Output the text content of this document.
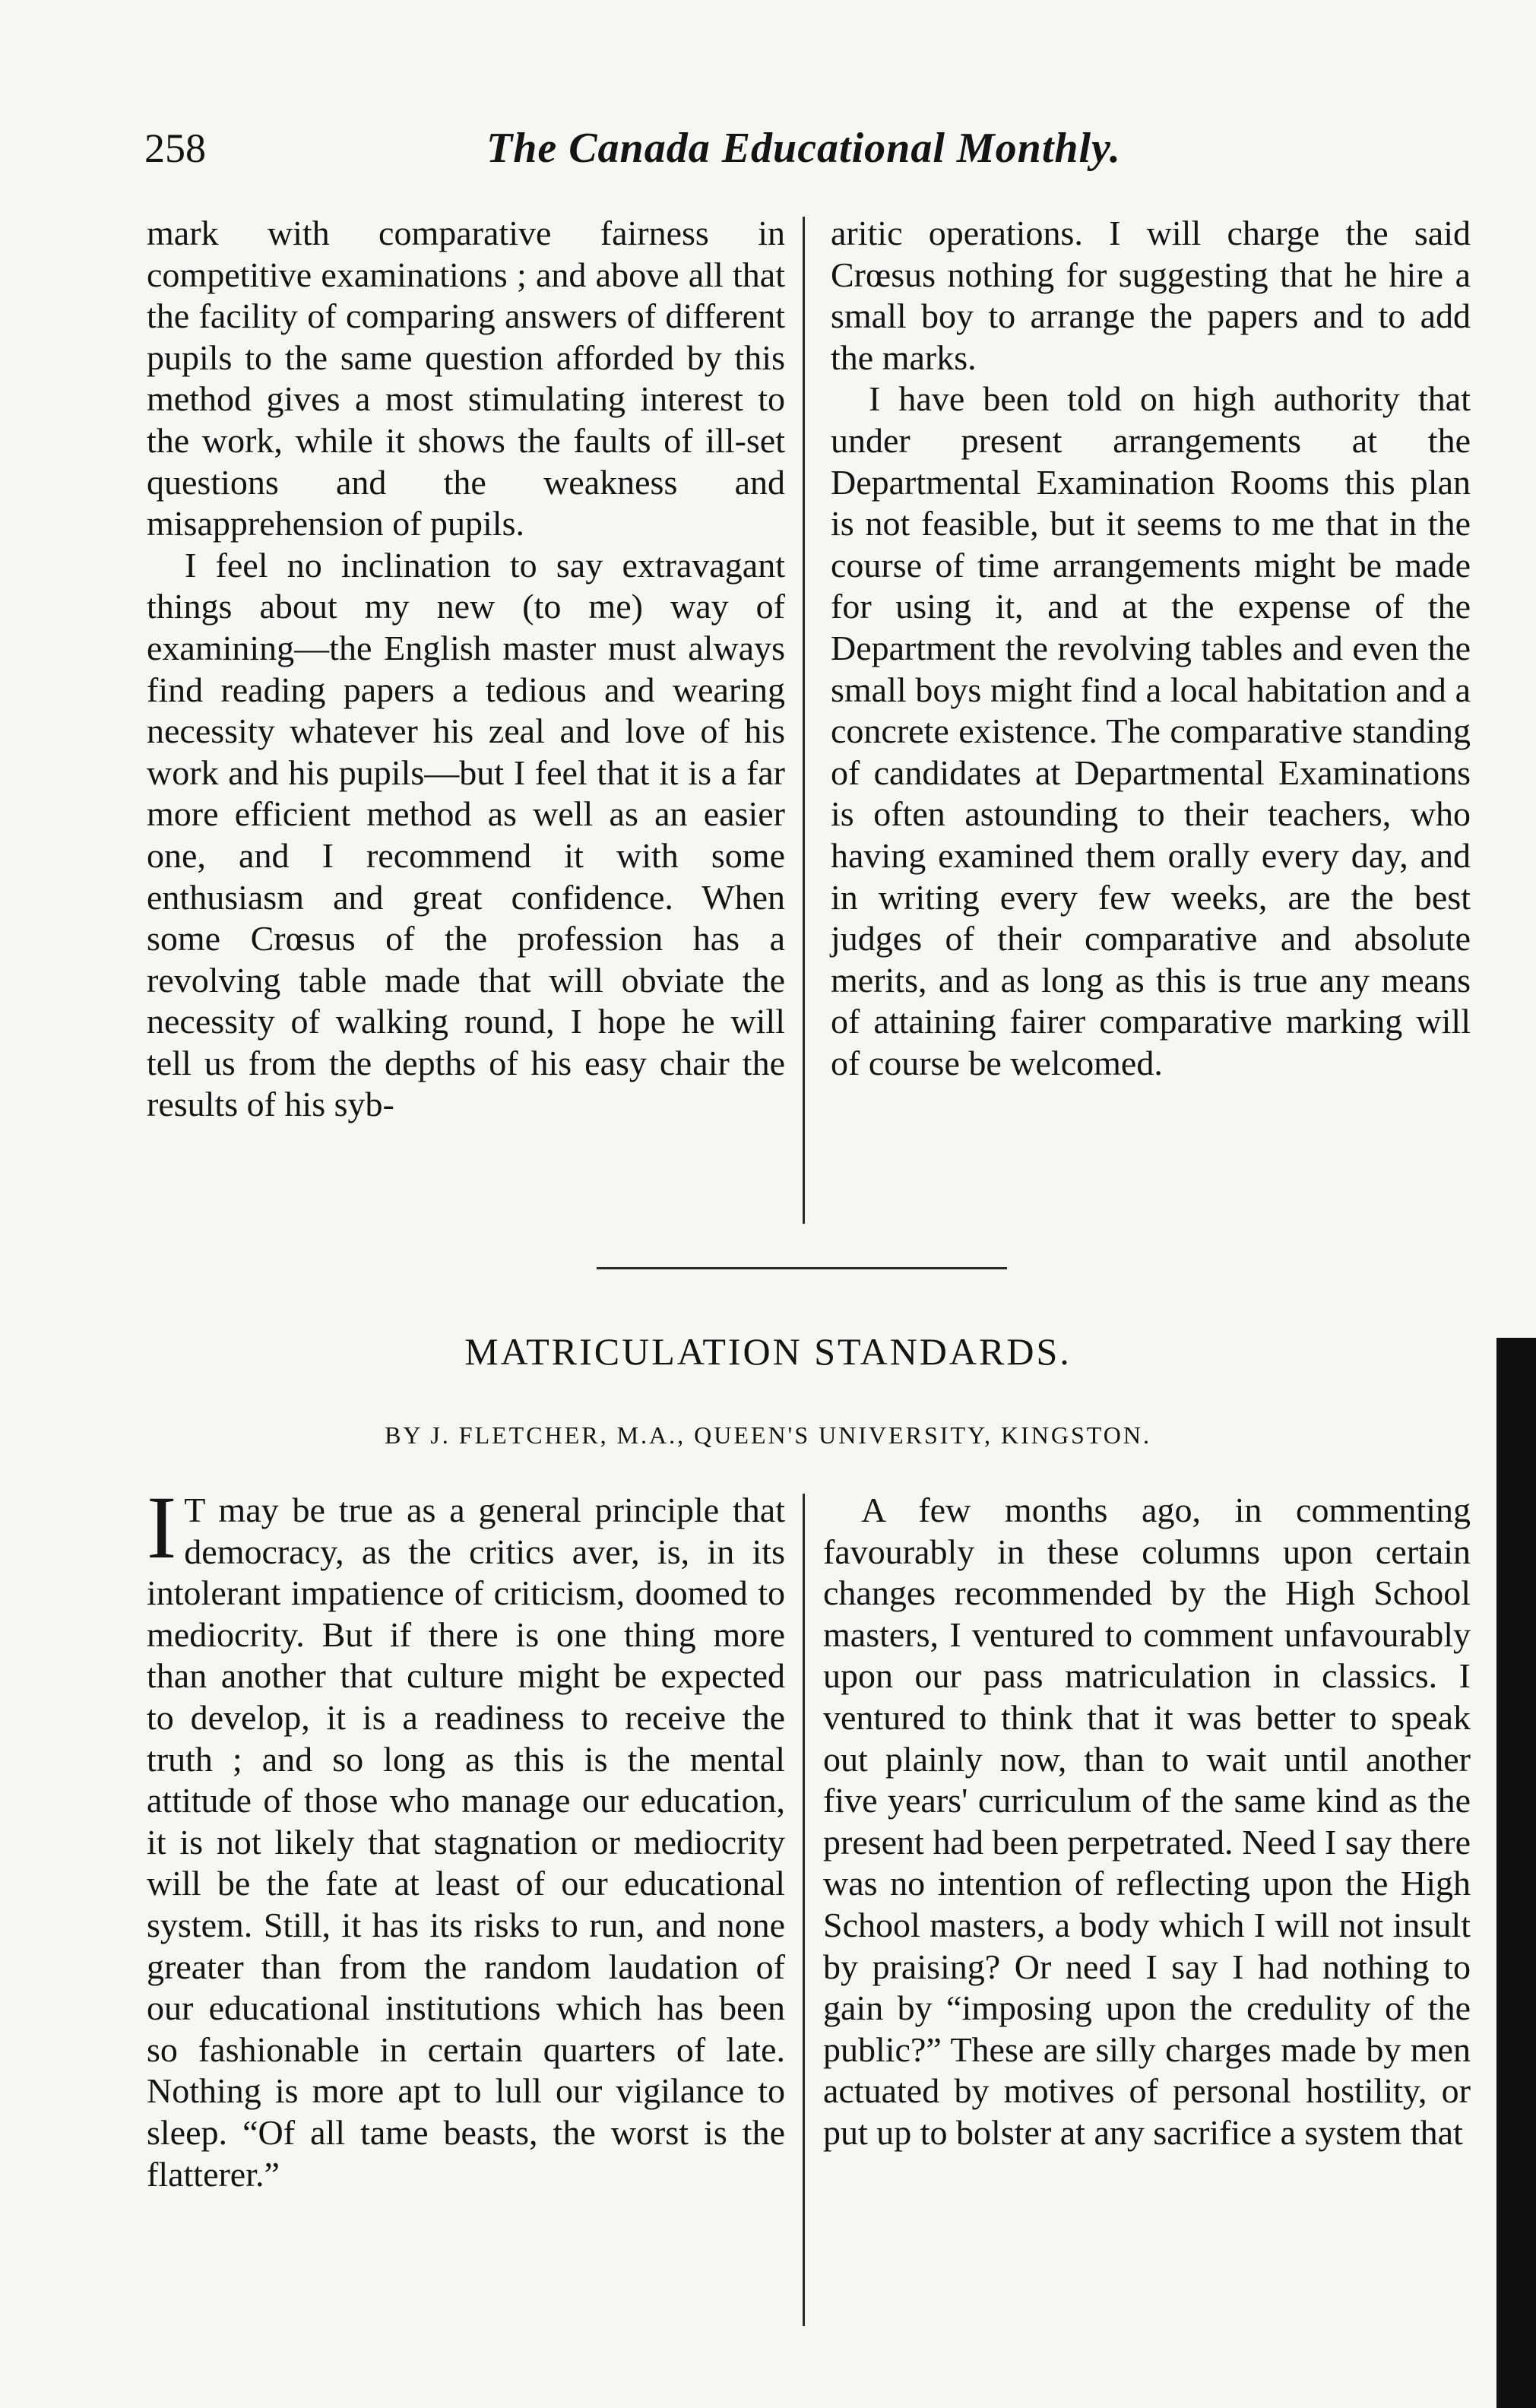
258	The Canada Educational Monthly.

mark with comparative fairness in competitive examinations ; and above all that the facility of comparing answers of different pupils to the same question afforded by this method gives a most stimulating interest to the work, while it shows the faults of ill-set questions and the weakness and misapprehension of pupils.

I feel no inclination to say extravagant things about my new (to me) way of examining—the English master must always find reading papers a tedious and wearing necessity whatever his zeal and love of his work and his pupils—but I feel that it is a far more efficient method as well as an easier one, and I recommend it with some enthusiasm and great confidence. When some Crœsus of the profession has a revolving table made that will obviate the necessity of walking round, I hope he will tell us from the depths of his easy chair the results of his syb-

aritic operations. I will charge the said Crœsus nothing for suggesting that he hire a small boy to arrange the papers and to add the marks.

I have been told on high authority that under present arrangements at the Departmental Examination Rooms this plan is not feasible, but it seems to me that in the course of time arrangements might be made for using it, and at the expense of the Department the revolving tables and even the small boys might find a local habitation and a concrete existence. The comparative standing of candidates at Departmental Examinations is often astounding to their teachers, who having examined them orally every day, and in writing every few weeks, are the best judges of their comparative and absolute merits, and as long as this is true any means of attaining fairer comparative marking will of course be welcomed.

MATRICULATION STANDARDS.
BY J. FLETCHER, M.A., QUEEN'S UNIVERSITY, KINGSTON.

I T may be true as a general principle that democracy, as the critics aver, is, in its intolerant impatience of criticism, doomed to mediocrity. But if there is one thing more than another that culture might be expected to develop, it is a readiness to receive the truth ; and so long as this is the mental attitude of those who manage our education, it is not likely that stagnation or mediocrity will be the fate at least of our educational system. Still, it has its risks to run, and none greater than from the random laudation of our educational institutions which has been so fashionable in certain quarters of late. Nothing is more apt to lull our vigilance to sleep. “Of all tame beasts, the worst is the flatterer.”

A few months ago, in commenting favourably in these columns upon certain changes recommended by the High School masters, I ventured to comment unfavourably upon our pass matriculation in classics. I ventured to think that it was better to speak out plainly now, than to wait until another five years' curriculum of the same kind as the present had been perpetrated. Need I say there was no intention of reflecting upon the High School masters, a body which I will not insult by praising? Or need I say I had nothing to gain by “imposing upon the credulity of the public?” These are silly charges made by men actuated by motives of personal hostility, or put up to bolster at any sacrifice a system that
